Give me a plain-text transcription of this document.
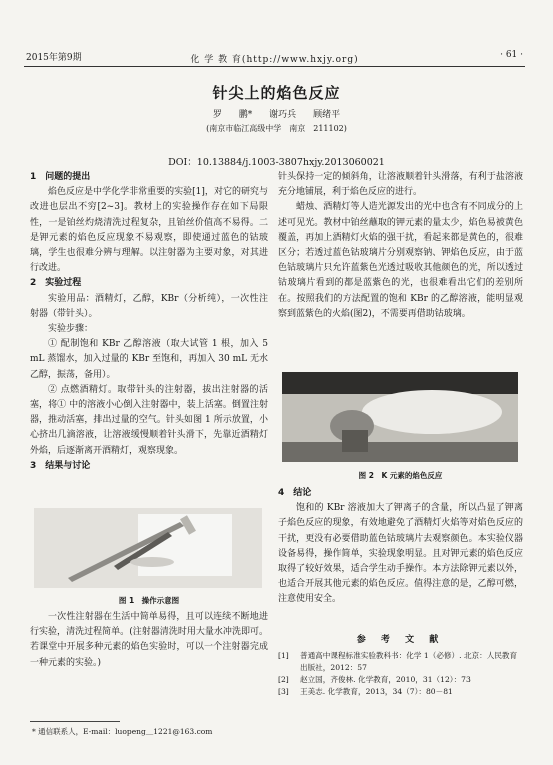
2015年第9期	化 学 教 育(http://www.hxjy.org)	· 61 ·
针尖上的焰色反应
罗 鹏* 谢巧兵 顾绪平
(南京市临江高级中学　南京　211102)
DOI：10.13884/j.1003-3807hxjy.2013060021
1　问题的提出

焰色反应是中学化学非常重要的实验[1]，对它的研究与改进也层出不穷[2~3]。教材上的实验操作存在如下局限性，一是铂丝灼烧清洗过程复杂，且铂丝价值高不易得。二是钾元素的焰色反应现象不易观察，即使通过蓝色的钴玻璃，学生也很难分辨与理解。以注射器为主要对象，对其进行改进。

2　实验过程

实验用品：酒精灯，乙醇，KBr（分析纯），一次性注射器（带针头）。

实验步骤：

① 配制饱和 KBr 乙醇溶液（取大试管 1 根，加入 5 mL 蒸馏水，加入过量的 KBr 至饱和，再加入 30 mL 无水乙醇，振荡，备用）。

② 点燃酒精灯。取带针头的注射器，拔出注射器的活塞，将① 中的溶液小心倒入注射器中，装上活塞。倒置注射器，推动活塞，排出过量的空气。针头如图 1 所示放置，小心挤出几滴溶液，让溶液缓慢顺着针头滑下，先靠近酒精灯外焰，后逐渐离开酒精灯，观察现象。

3　结果与讨论
图 1　操作示意图

一次性注射器在生活中简单易得，且可以连续不断地进行实验，清洗过程简单。(注射器清洗时用大量水冲洗即可。若课堂中开展多种元素的焰色实验时，可以一个注射器完成一种元素的实验。)

针头保持一定的倾斜角，让溶液顺着针头滑落，有利于盐溶液充分地铺展，利于焰色反应的进行。

蜡烛、酒精灯等人造光源发出的光中也含有不同成分的上述可见光。教材中铂丝蘸取的钾元素的量太少，焰色易被黄色覆盖，再加上酒精灯火焰的强干扰，看起来都是黄色的，很难区分；若透过蓝色钴玻璃片分别观察钠、钾焰色反应，由于蓝色钴玻璃片只允许蓝紫色光透过吸收其他颜色的光，所以透过钴玻璃片看到的都是蓝紫色的光，也很难看出它们的差别所在。按照我们的方法配置的饱和 KBr 的乙醇溶液，能明显观察到蓝紫色的火焰(图2)，不需要再借助钴玻璃。

图 2　K 元素的焰色反应
4　结论

饱和的 KBr 溶液加大了钾离子的含量，所以凸显了钾离子焰色反应的现象，有效地避免了酒精灯火焰等对焰色反应的干扰，更没有必要借助蓝色钴玻璃片去观察颜色。本实验仪器设备易得，操作简单，实验现象明显。且对钾元素的焰色反应取得了较好效果，适合学生动手操作。本方法除钾元素以外，也适合开展其他元素的焰色反应。值得注意的是，乙醇可燃，注意使用安全。

参 考 文 献
[1] 普通高中课程标准实验教科书：化学 1（必修）. 北京：人民教育出版社，2012：57
[2] 赵立国，齐俊林. 化学教育，2010，31（12）：73
[3] 王美志. 化学教育，2013，34（7）：80－81
* 通信联系人，E-mail：luopeng＿1221@163.com
